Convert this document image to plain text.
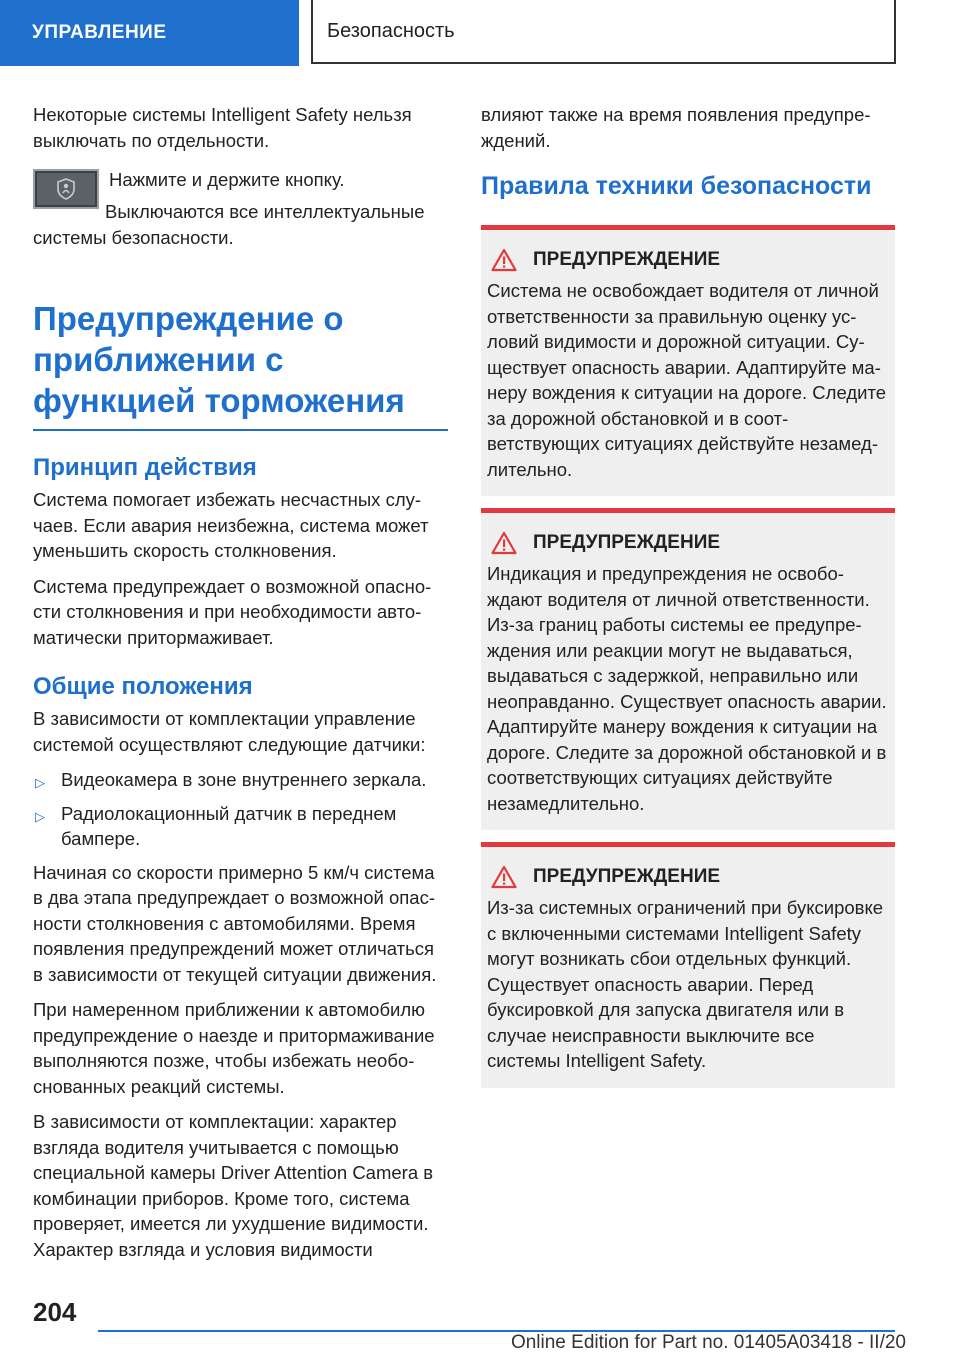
УПРАВЛЕНИЕ	Безопасность

Некоторые системы Intelligent Safety нельзя выключать по отдельности.

Нажмите и держите кнопку.

Выключаются все интеллектуальные системы безопасности.

Предупреждение о приближении с функцией торможения
Принцип действия

Система помогает избежать несчастных случаев. Если авария неизбежна, система может уменьшить скорость столкновения.

Система предупреждает о возможной опасности столкновения и при необходимости автоматически притормаживает.

Общие положения

В зависимости от комплектации управление системой осуществляют следующие датчики:

▷ Видеокамера в зоне внутреннего зеркала.
▷ Радиолокационный датчик в переднем бампере.

Начиная со скорости примерно 5 км/ч система в два этапа предупреждает о возможной опасности столкновения с автомобилями. Время появления предупреждений может отличаться в зависимости от текущей ситуации движения.

При намеренном приближении к автомобилю предупреждение о наезде и притормаживание выполняются позже, чтобы избежать необоснованных реакций системы.

В зависимости от комплектации: характер взгляда водителя учитывается с помощью специальной камеры Driver Attention Camera в комбинации приборов. Кроме того, система проверяет, имеется ли ухудшение видимости. Характер взгляда и условия видимости

влияют также на время появления предупреждений.

Правила техники безопасности
ПРЕДУПРЕЖДЕНИЕ

Система не освобождает водителя от личной ответственности за правильную оценку условий видимости и дорожной ситуации. Существует опасность аварии. Адаптируйте манеру вождения к ситуации на дороге. Следите за дорожной обстановкой и в соответствующих ситуациях действуйте незамедлительно.

ПРЕДУПРЕЖДЕНИЕ

Индикация и предупреждения не освобождают водителя от личной ответственности. Из-за границ работы системы ее предупреждения или реакции могут не выдаваться, выдаваться с задержкой, неправильно или неоправданно. Существует опасность аварии. Адаптируйте манеру вождения к ситуации на дороге. Следите за дорожной обстановкой и в соответствующих ситуациях действуйте незамедлительно.

ПРЕДУПРЕЖДЕНИЕ

Из-за системных ограничений при буксировке с включенными системами Intelligent Safety могут возникать сбои отдельных функций. Существует опасность аварии. Перед буксировкой для запуска двигателя или в случае неисправности выключите все системы Intelligent Safety.

204
Online Edition for Part no. 01405A03418 - II/20
